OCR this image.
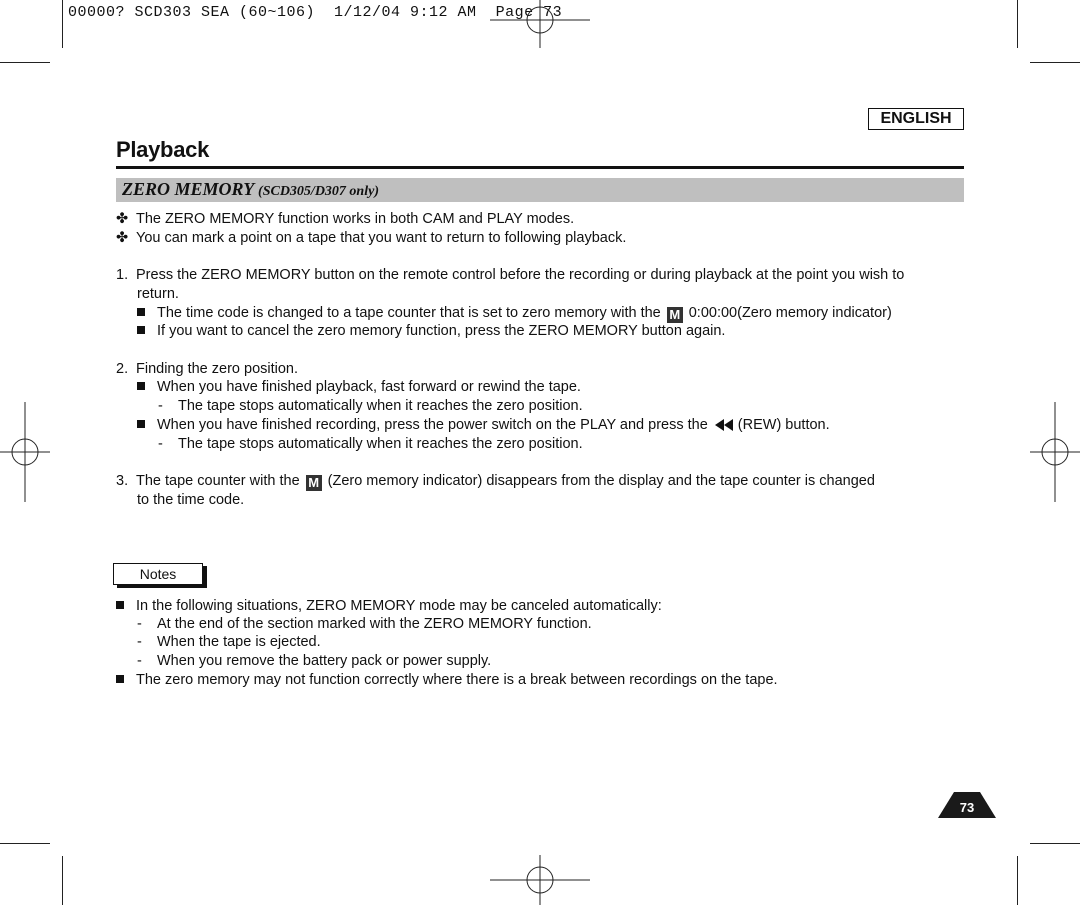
00000? SCD303 SEA (60~106)  1/12/04 9:12 AM  Page 73
ENGLISH
Playback
ZERO MEMORY (SCD305/D307 only)
✤ The ZERO MEMORY function works in both CAM and PLAY modes.
✤ You can mark a point on a tape that you want to return to following playback.
1. Press the ZERO MEMORY button on the remote control before the recording or during playback at the point you wish to
return.
The time code is changed to a tape counter that is set to zero memory with the M 0:00:00(Zero memory indicator)
If you want to cancel the zero memory function, press the ZERO MEMORY button again.
2. Finding the zero position.
When you have finished playback, fast forward or rewind the tape.
- The tape stops automatically when it reaches the zero position.
When you have finished recording, press the power switch on the PLAY and press the (REW) button.
- The tape stops automatically when it reaches the zero position.
3. The tape counter with the M (Zero memory indicator) disappears from the display and the tape counter is changed
to the time code.
Notes
In the following situations, ZERO MEMORY mode may be canceled automatically:
- At the end of the section marked with the ZERO MEMORY function.
- When the tape is ejected.
- When you remove the battery pack or power supply.
The zero memory may not function correctly where there is a break between recordings on the tape.
73
